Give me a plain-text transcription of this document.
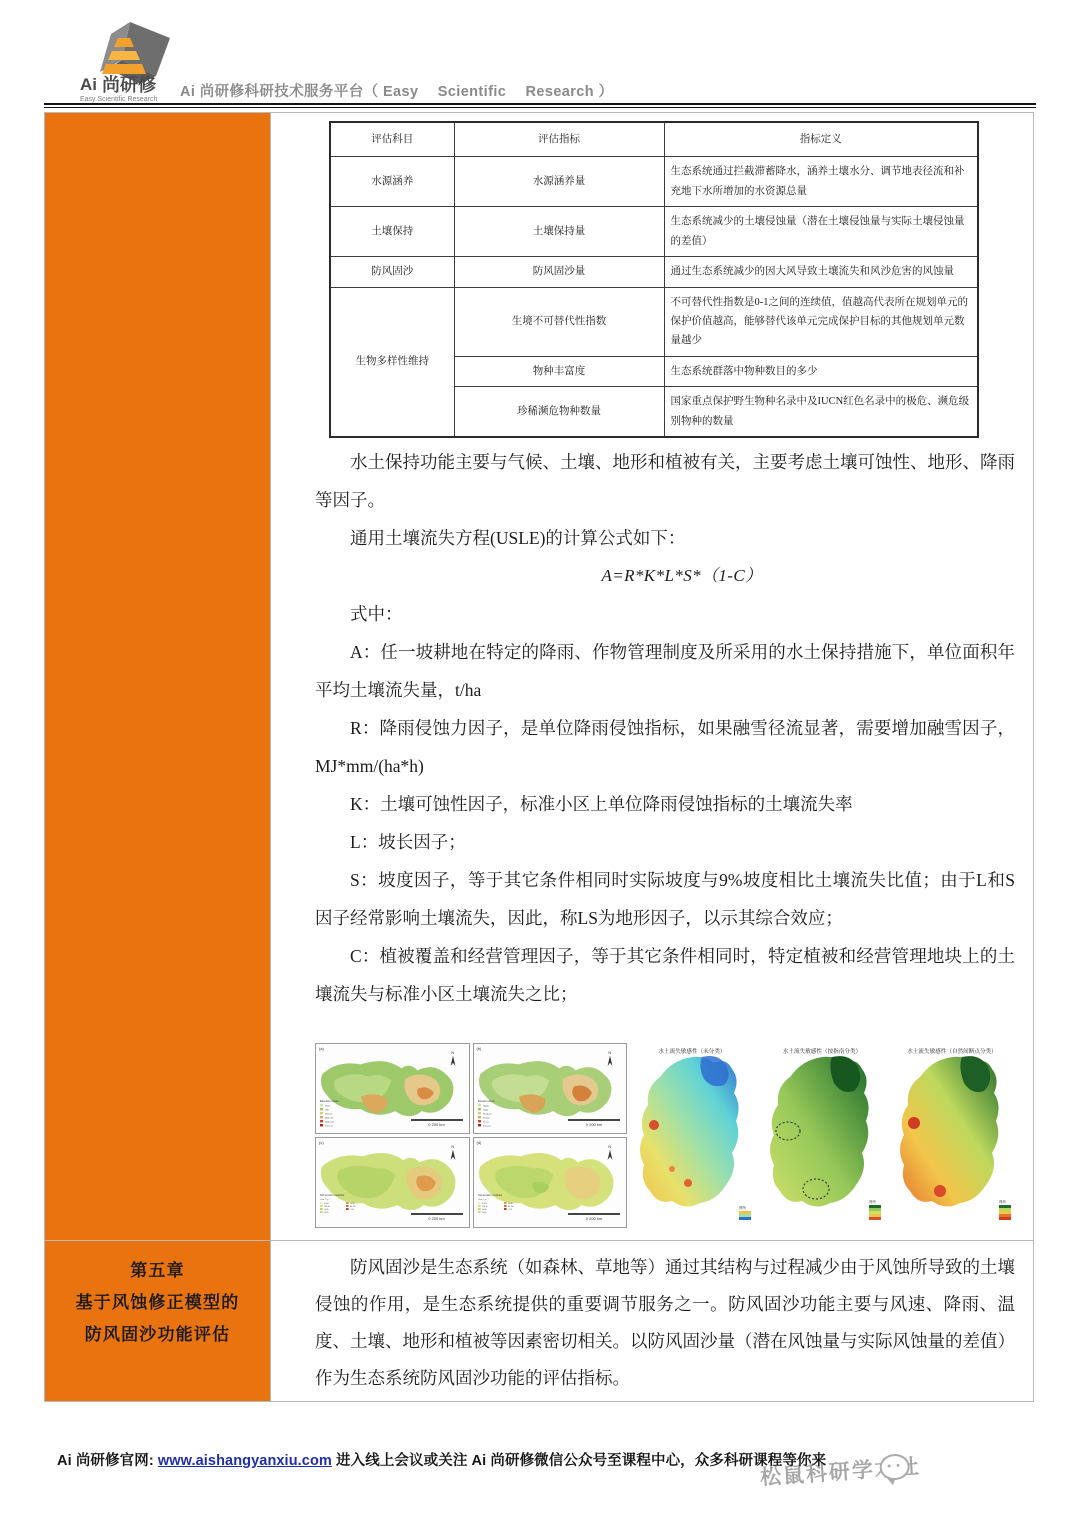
Ai 尚研修
Easy Scientific Research Ai 尚研修科研技术服务平台（ Easy　 Scientific 　Research ）
评估科目	评估指标	指标定义
水源涵养	水源涵养量	生态系统通过拦截滞蓄降水，涵养土壤水分、调节地表径流和补充地下水所增加的水资源总量
土壤保持	土壤保持量	生态系统减少的土壤侵蚀量（潜在土壤侵蚀量与实际土壤侵蚀量的差值）
防风固沙	防风固沙量	通过生态系统减少的因大风导致土壤流失和风沙危害的风蚀量
生物多样性维持	生境不可替代性指数	不可替代性指数是0-1之间的连续值，值越高代表所在规划单元的保护价值越高，能够替代该单元完成保护目标的其他规划单元数量越少
	物种丰富度	生态系统群落中物种数目的多少
	珍稀濒危物种数量	国家重点保护野生物种名录中及IUCN红色名录中的极危、濒危级别物种的数量

水土保持功能主要与气候、土壤、地形和植被有关，主要考虑土壤可蚀性、地形、降雨等因子。

通用土壤流失方程(USLE)的计算公式如下：

A=R*K*L*S*（1-C）

式中：

A：任一坡耕地在特定的降雨、作物管理制度及所采用的水土保持措施下，单位面积年平均土壤流失量，t/ha

R：降雨侵蚀力因子，是单位降雨侵蚀指标，如果融雪径流显著，需要增加融雪因子，MJ*mm/(ha*h)

K：土壤可蚀性因子，标准小区上单位降雨侵蚀指标的土壤流失率

L：坡长因子；

S：坡度因子，等于其它条件相同时实际坡度与9%坡度相比土壤流失比值；由于L和S因子经常影响土壤流失，因此，称LS为地形因子，以示其综合效应；

C：植被覆盖和经营管理因子，等于其它条件相同时，特定植被和经营管理地块上的土壤流失与标准小区土壤流失之比；

(a)
N
Elevation class
Plain
Hill
Plateau
Mid mtn
High mtn
Extreme	0 200 km
(b)
N
Erosion class
Slight
Light
Moderate
Strong
Severe
Extreme	0 200 km
(c)
N
Soil erosion modulus
t km⁻² yr⁻¹
0-500
500-1k
1k-2k
2k-5k
5k-8k
8k-15k
>15k
0 200 km
(d)
N
Soil erosion modulus
t km⁻² yr⁻¹
0-500
500-1k
1k-2k
2k-5k
5k-8k
8k-15k
>15k
0 200 km
水土流失敏感性（未分类）
图例
水土流失敏感性（按指南分类）
图例
水土流失敏感性（自然间断点分类）
图例
第五章
基于风蚀修正模型的
防风固沙功能评估

防风固沙是生态系统（如森林、草地等）通过其结构与过程减少由于风蚀所导致的土壤侵蚀的作用，是生态系统提供的重要调节服务之一。防风固沙功能主要与风速、降雨、温度、土壤、地形和植被等因素密切相关。以防风固沙量（潜在风蚀量与实际风蚀量的差值）作为生态系统防风固沙功能的评估指标。

Ai 尚研修官网: www.aishangyanxiu.com 进入线上会议或关注 Ai 尚研修微信公众号至课程中心，众多科研课程等你来
松鼠科研学术社
